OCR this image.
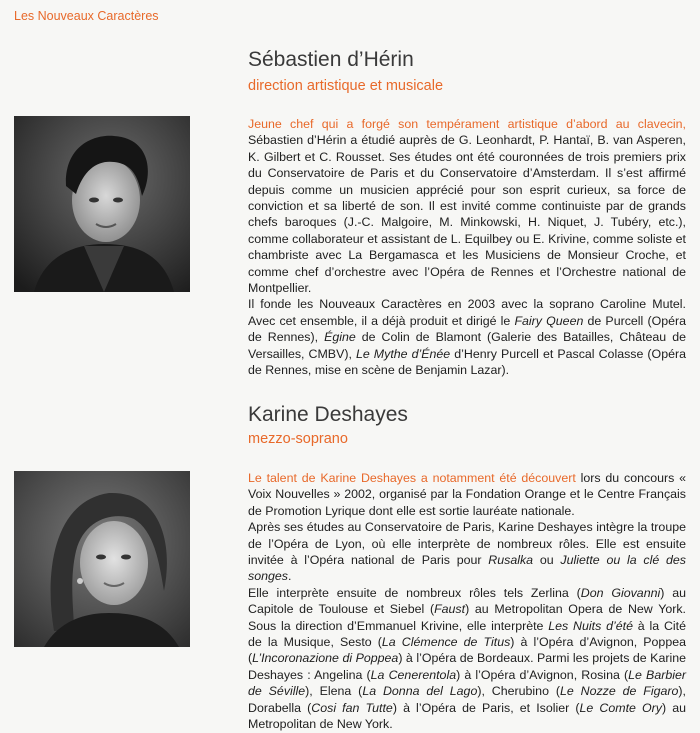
Les Nouveaux Caractères
Sébastien d’Hérin
direction artistique et musicale

Jeune chef qui a forgé son tempérament artistique d’abord au clavecin, Sébastien d’Hérin a étudié auprès de G. Leonhardt, P. Hantaï, B. van Asperen, K. Gilbert et C. Rousset. Ses études ont été couronnées de trois premiers prix du Conservatoire de Paris et du Conservatoire d’Amsterdam. Il s’est affirmé depuis comme un musicien apprécié pour son esprit curieux, sa force de conviction et sa liberté de son. Il est invité comme continuiste par de grands chefs baroques (J.-C. Malgoire, M. Minkowski, H. Niquet, J. Tubéry, etc.), comme collaborateur et assistant de L. Equilbey ou E. Krivine, comme soliste et chambriste avec La Bergamasca et les Musiciens de Monsieur Croche, et comme chef d’orchestre avec l’Opéra de Rennes et l’Orchestre national de Montpellier.

Il fonde les Nouveaux Caractères en 2003 avec la soprano Caroline Mutel. Avec cet ensemble, il a déjà produit et dirigé le Fairy Queen de Purcell (Opéra de Rennes), Égine de Colin de Blamont (Galerie des Batailles, Château de Versailles, CMBV), Le Mythe d’Énée d’Henry Purcell et Pascal Colasse (Opéra de Rennes, mise en scène de Benjamin Lazar).

Karine Deshayes
mezzo-soprano

Le talent de Karine Deshayes a notamment été découvert lors du concours « Voix Nouvelles » 2002, organisé par la Fondation Orange et le Centre Français de Promotion Lyrique dont elle est sortie lauréate nationale.

Après ses études au Conservatoire de Paris, Karine Deshayes intègre la troupe de l’Opéra de Lyon, où elle interprète de nombreux rôles. Elle est ensuite invitée à l’Opéra national de Paris pour Rusalka ou Juliette ou la clé des songes.

Elle interprète ensuite de nombreux rôles tels Zerlina (Don Giovanni) au Capitole de Toulouse et Siebel (Faust) au Metropolitan Opera de New York. Sous la direction d’Emmanuel Krivine, elle interprète Les Nuits d’été à la Cité de la Musique, Sesto (La Clémence de Titus) à l’Opéra d’Avignon, Poppea (L’Incoronazione di Poppea) à l’Opéra de Bordeaux. Parmi les projets de Karine Deshayes : Angelina (La Cenerentola) à l’Opéra d’Avignon, Rosina (Le Barbier de Séville), Elena (La Donna del Lago), Cherubino (Le Nozze de Figaro), Dorabella (Cosi fan Tutte) à l’Opéra de Paris, et Isolier (Le Comte Ory) au Metropolitan de New York.
